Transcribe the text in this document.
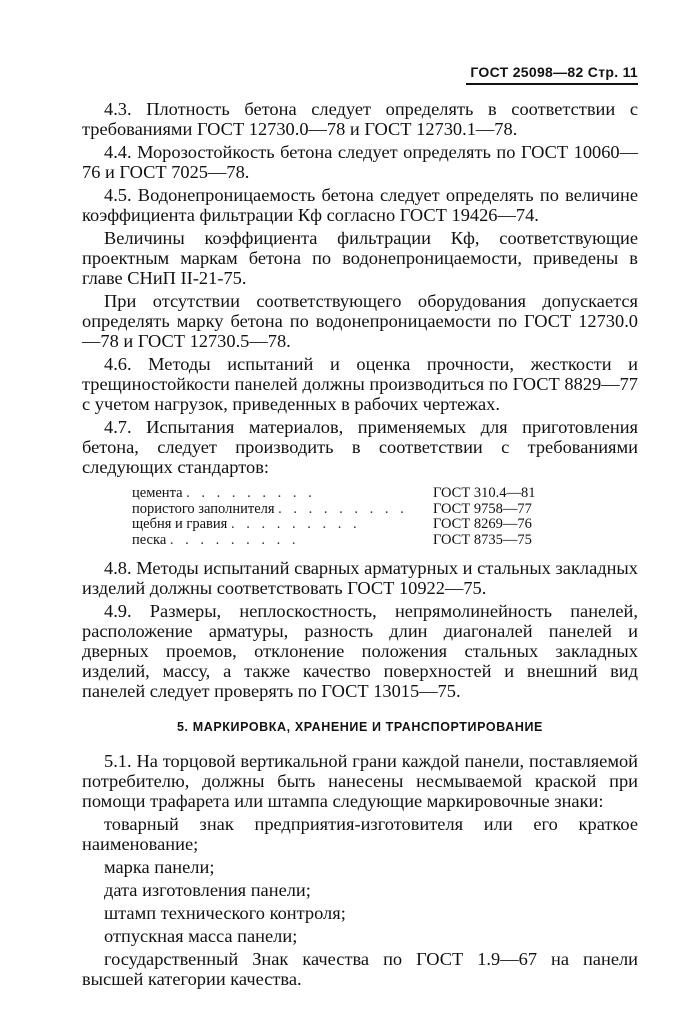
ГОСТ 25098—82 Стр. 11

4.3. Плотность бетона следует определять в соответствии с требованиями ГОСТ 12730.0—78 и ГОСТ 12730.1—78.

4.4. Морозостойкость бетона следует определять по ГОСТ 10060—76 и ГОСТ 7025—78.

4.5. Водонепроницаемость бетона следует определять по величине коэффициента фильтрации Кф согласно ГОСТ 19426—74.

Величины коэффициента фильтрации Кф, соответствующие проектным маркам бетона по водонепроницаемости, приведены в главе СНиП II-21-75.

При отсутствии соответствующего оборудования допускается определять марку бетона по водонепроницаемости по ГОСТ 12730.0—78 и ГОСТ 12730.5—78.

4.6. Методы испытаний и оценка прочности, жесткости и трещиностойкости панелей должны производиться по ГОСТ 8829—77 с учетом нагрузок, приведенных в рабочих чертежах.

4.7. Испытания материалов, применяемых для приготовления бетона, следует производить в соответствии с требованиями следующих стандартов:

цемента . . . . . . . . .	ГОСТ 310.4—81
пористого заполнителя . . . . . . . . .	ГОСТ 9758—77
щебня и гравия . . . . . . . . .	ГОСТ 8269—76
песка . . . . . . . . .	ГОСТ 8735—75

4.8. Методы испытаний сварных арматурных и стальных закладных изделий должны соответствовать ГОСТ 10922—75.

4.9. Размеры, неплоскостность, непрямолинейность панелей, расположение арматуры, разность длин диагоналей панелей и дверных проемов, отклонение положения стальных закладных изделий, массу, а также качество поверхностей и внешний вид панелей следует проверять по ГОСТ 13015—75.

5. МАРКИРОВКА, ХРАНЕНИЕ И ТРАНСПОРТИРОВАНИЕ

5.1. На торцовой вертикальной грани каждой панели, поставляемой потребителю, должны быть нанесены несмываемой краской при помощи трафарета или штампа следующие маркировочные знаки:

товарный знак предприятия-изготовителя или его краткое наименование;

марка панели;

дата изготовления панели;

штамп технического контроля;

отпускная масса панели;

государственный Знак качества по ГОСТ 1.9—67 на панели высшей категории качества.
